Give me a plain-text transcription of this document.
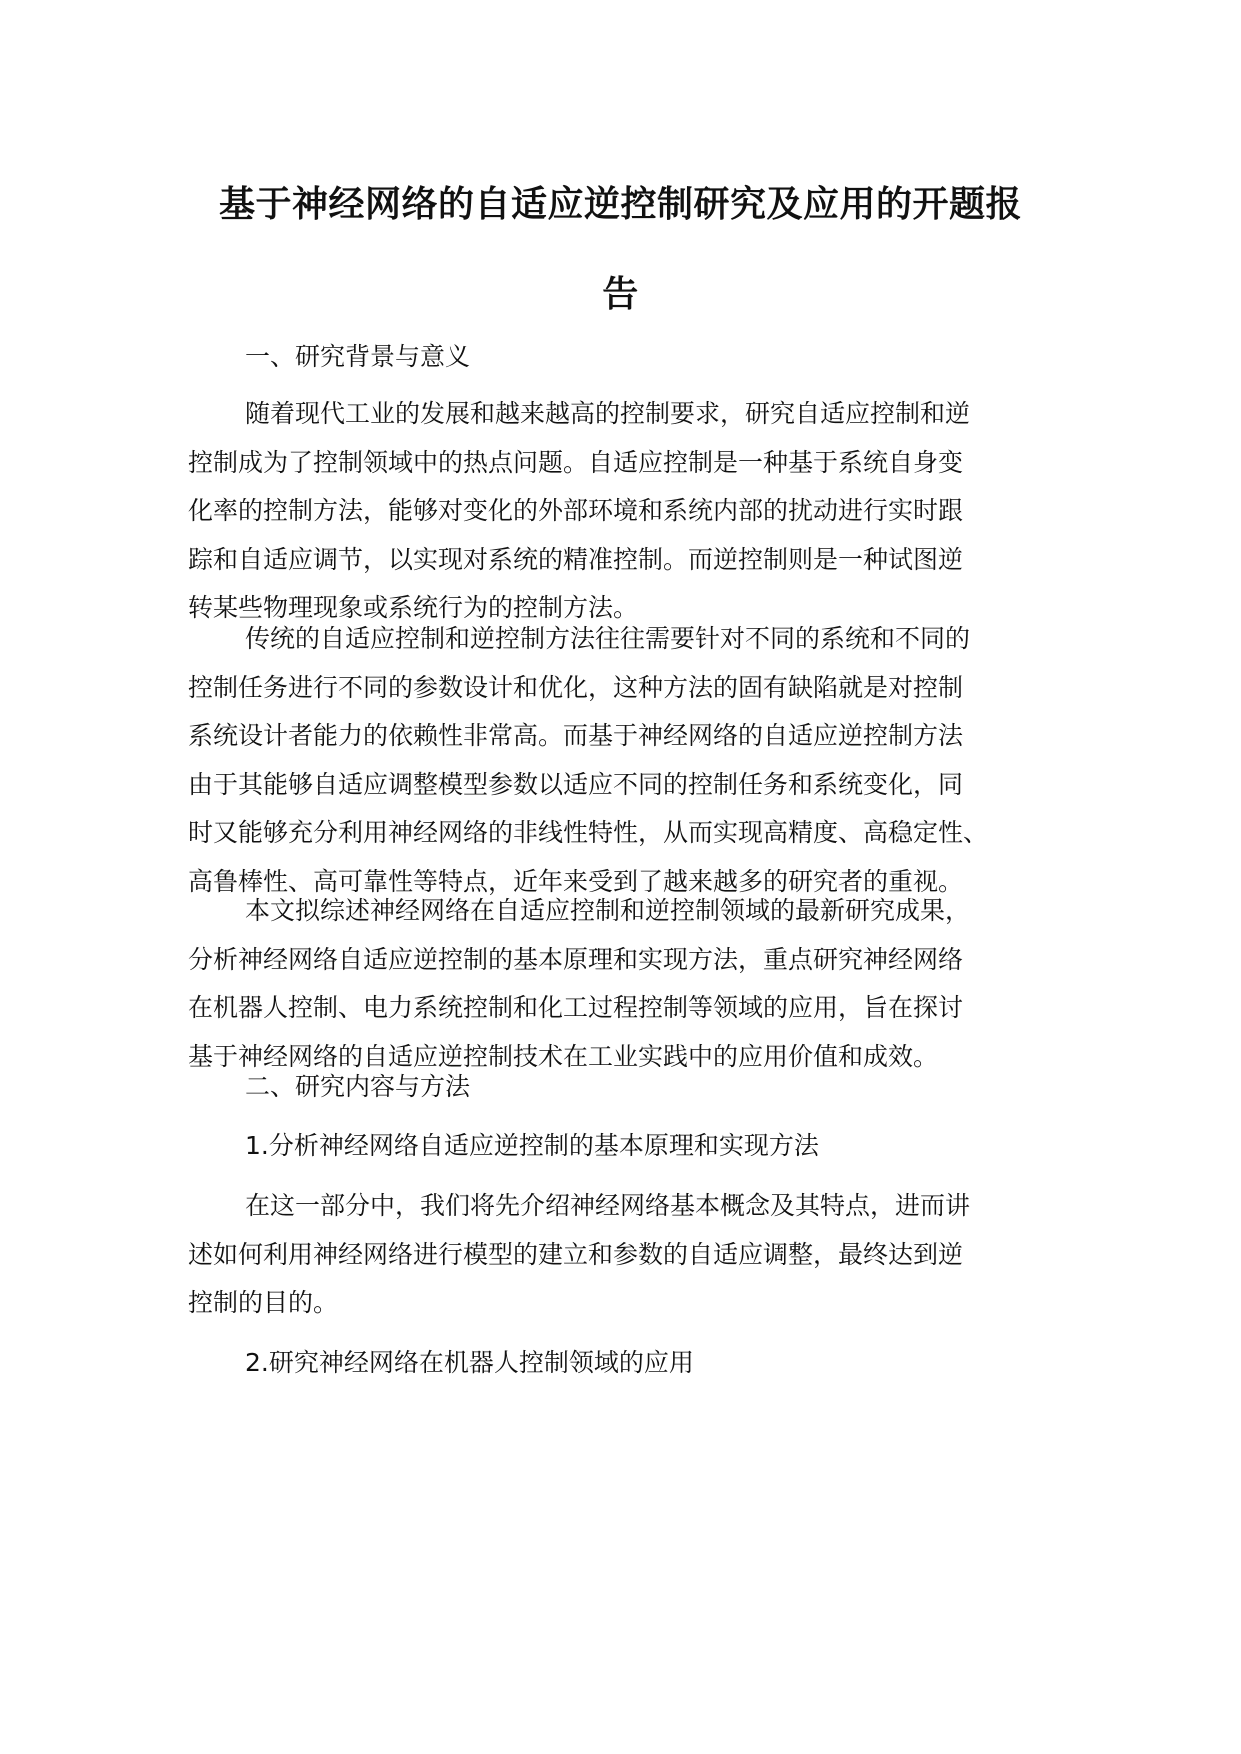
基于神经网络的自适应逆控制研究及应用的开题报
告
一、研究背景与意义
随着现代工业的发展和越来越高的控制要求，研究自适应控制和逆
控制成为了控制领域中的热点问题。自适应控制是一种基于系统自身变
化率的控制方法，能够对变化的外部环境和系统内部的扰动进行实时跟
踪和自适应调节，以实现对系统的精准控制。而逆控制则是一种试图逆
转某些物理现象或系统行为的控制方法。
传统的自适应控制和逆控制方法往往需要针对不同的系统和不同的
控制任务进行不同的参数设计和优化，这种方法的固有缺陷就是对控制
系统设计者能力的依赖性非常高。而基于神经网络的自适应逆控制方法
由于其能够自适应调整模型参数以适应不同的控制任务和系统变化，同
时又能够充分利用神经网络的非线性特性，从而实现高精度、高稳定性、
高鲁棒性、高可靠性等特点，近年来受到了越来越多的研究者的重视。
本文拟综述神经网络在自适应控制和逆控制领域的最新研究成果，
分析神经网络自适应逆控制的基本原理和实现方法，重点研究神经网络
在机器人控制、电力系统控制和化工过程控制等领域的应用，旨在探讨
基于神经网络的自适应逆控制技术在工业实践中的应用价值和成效。
二、研究内容与方法
1.分析神经网络自适应逆控制的基本原理和实现方法
在这一部分中，我们将先介绍神经网络基本概念及其特点，进而讲
述如何利用神经网络进行模型的建立和参数的自适应调整，最终达到逆
控制的目的。
2.研究神经网络在机器人控制领域的应用
